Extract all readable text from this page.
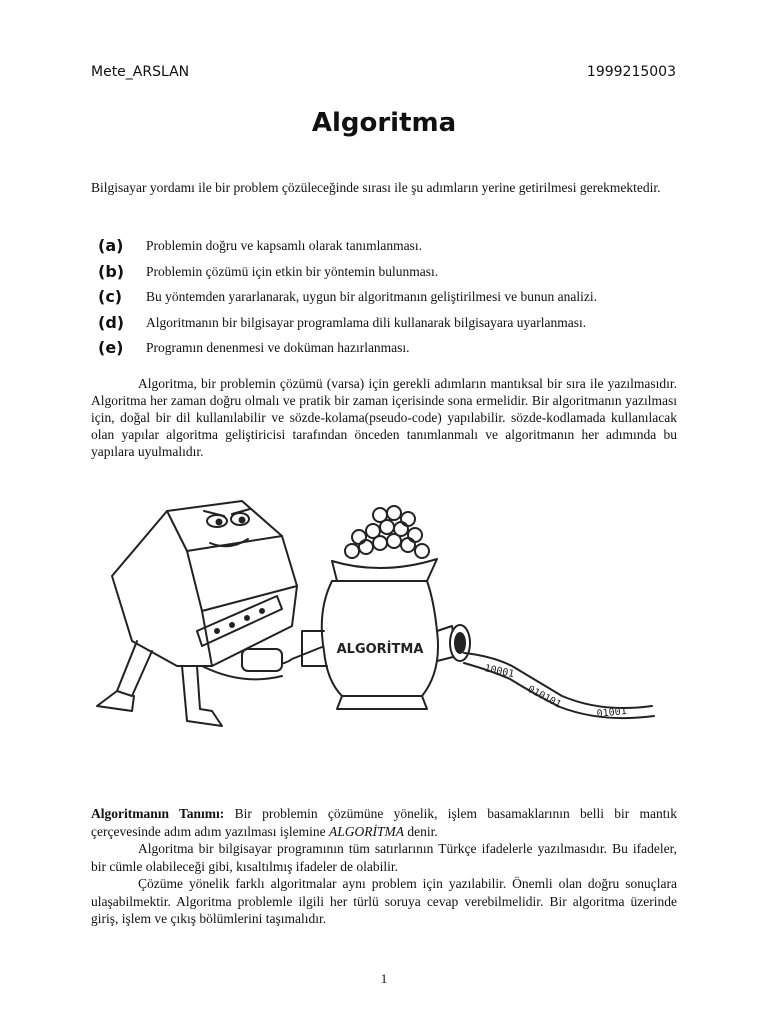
Mete_ARSLAN	1999215003
Algoritma
Bilgisayar yordamı ile bir problem çözüleceğinde sırası ile şu adımların yerine getirilmesi gerekmektedir.
(a) Problemin doğru ve kapsamlı olarak tanımlanması.
(b) Problemin çözümü için etkin bir yöntemin bulunması.
(c) Bu yöntemden yararlanarak, uygun bir algoritmanın geliştirilmesi ve bunun analizi.
(d) Algoritmanın bir bilgisayar programlama dili kullanarak bilgisayara uyarlanması.
(e) Programın denenmesi ve doküman hazırlanması.
Algoritma, bir problemin çözümü (varsa) için gerekli adımların mantıksal bir sıra ile yazılmasıdır. Algoritma her zaman doğru olmalı ve pratik bir zaman içerisinde sona ermelidir. Bir algoritmanın yazılması için, doğal bir dil kullanılabilir ve sözde-kolama(pseudo-code) yapılabilir. sözde-kodlamada kullanılacak olan yapılar algoritma geliştiricisi tarafından önceden tanımlanmalı ve algoritmanın her adımında bu yapılara uyulmalıdır.
ALGORİTMA
10001
010101
01001

Algoritmanın Tanımı: Bir problemin çözümüne yönelik, işlem basamaklarının belli bir mantık çerçevesinde adım adım yazılması işlemine ALGORİTMA denir.

Algoritma bir bilgisayar programının tüm satırlarının Türkçe ifadelerle yazılmasıdır. Bu ifadeler, bir cümle olabileceği gibi, kısaltılmış ifadeler de olabilir.

Çözüme yönelik farklı algoritmalar aynı problem için yazılabilir. Önemli olan doğru sonuçlara ulaşabilmektir. Algoritma problemle ilgili her türlü soruya cevap verebilmelidir. Bir algoritma üzerinde giriş, işlem ve çıkış bölümlerini taşımalıdır.

1
